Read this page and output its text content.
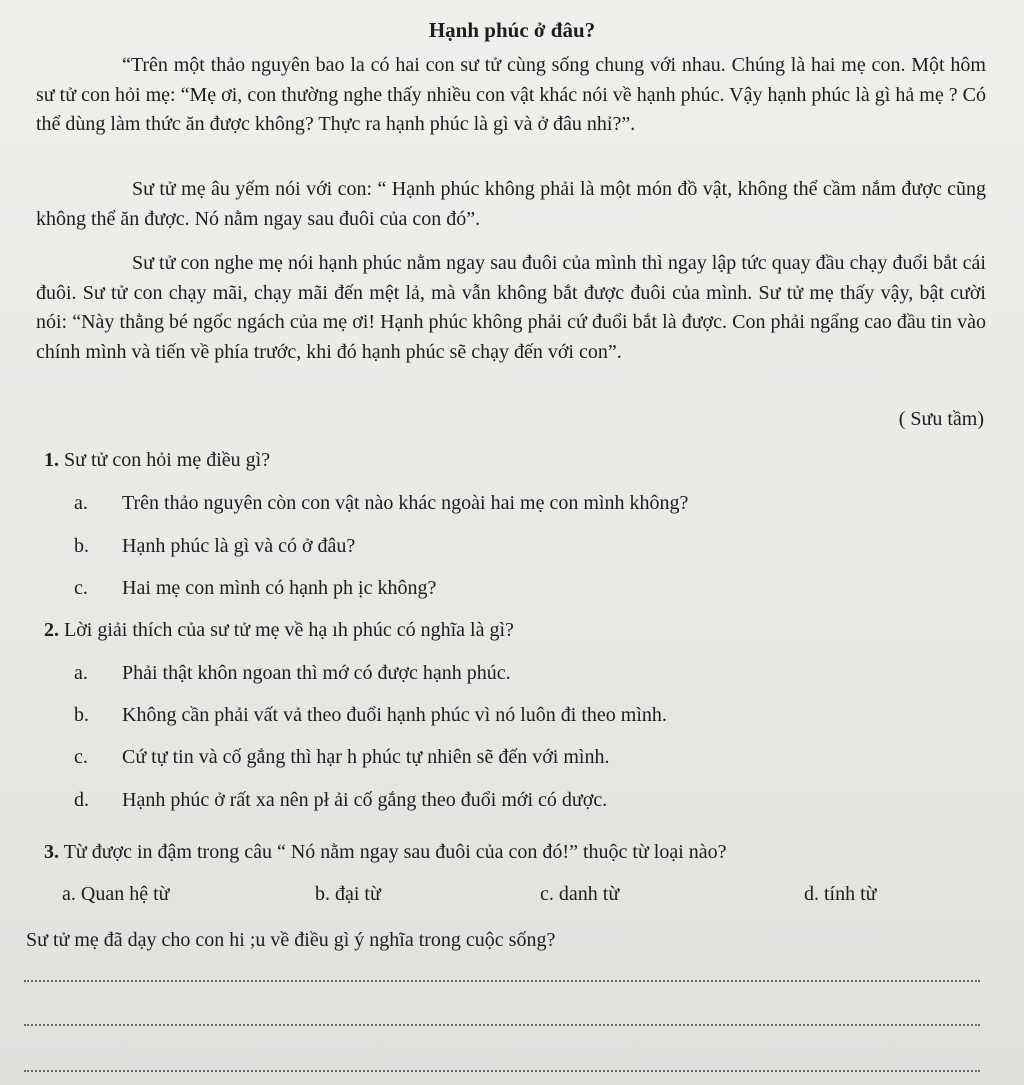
Hạnh phúc ở đâu?

“Trên một thảo nguyên bao la có hai con sư tử cùng sống chung với nhau. Chúng là hai mẹ con. Một hôm sư tử con hỏi mẹ: “Mẹ ơi, con thường nghe thấy nhiều con vật khác nói về hạnh phúc. Vậy hạnh phúc là gì hả mẹ ? Có thể dùng làm thức ăn được không? Thực ra hạnh phúc là gì và ở đâu nhỉ?”.

Sư tử mẹ âu yếm nói với con: “ Hạnh phúc không phải là một món đồ vật, không thể cầm nắm được cũng không thể ăn được. Nó nằm ngay sau đuôi của con đó”.

Sư tử con nghe mẹ nói hạnh phúc nằm ngay sau đuôi của mình thì ngay lập tức quay đầu chạy đuổi bắt cái đuôi. Sư tử con chạy mãi, chạy mãi đến mệt lả, mà vẫn không bắt được đuôi của mình. Sư tử mẹ thấy vậy, bật cười nói: “Này thằng bé ngốc ngách của mẹ ơi! Hạnh phúc không phải cứ đuổi bắt là được. Con phải ngẩng cao đầu tin vào chính mình và tiến về phía trước, khi đó hạnh phúc sẽ chạy đến với con”.

( Sưu tầm)
1. Sư tử con hỏi mẹ điều gì?
a. Trên thảo nguyên còn con vật nào khác ngoài hai mẹ con mình không?
b. Hạnh phúc là gì và có ở đâu?
c. Hai mẹ con mình có hạnh ph ịc không?
2. Lời giải thích của sư tử mẹ về hạ ıh phúc có nghĩa là gì?
a. Phải thật khôn ngoan thì mớ có được hạnh phúc.
b. Không cần phải vất vả theo đuổi hạnh phúc vì nó luôn đi theo mình.
c. Cứ tự tin và cố gắng thì hạr h phúc tự nhiên sẽ đến với mình.
d. Hạnh phúc ở rất xa nên pł ải cố gắng theo đuổi mới có dược.
3. Từ được in đậm trong câu “ Nó nằm ngay sau đuôi của con đó!” thuộc từ loại nào?
a. Quan hệ từ	b. đại từ	c. danh từ	d. tính từ
Sư tử mẹ đã dạy cho con hi ;u về điều gì ý nghĩa trong cuộc sống?
